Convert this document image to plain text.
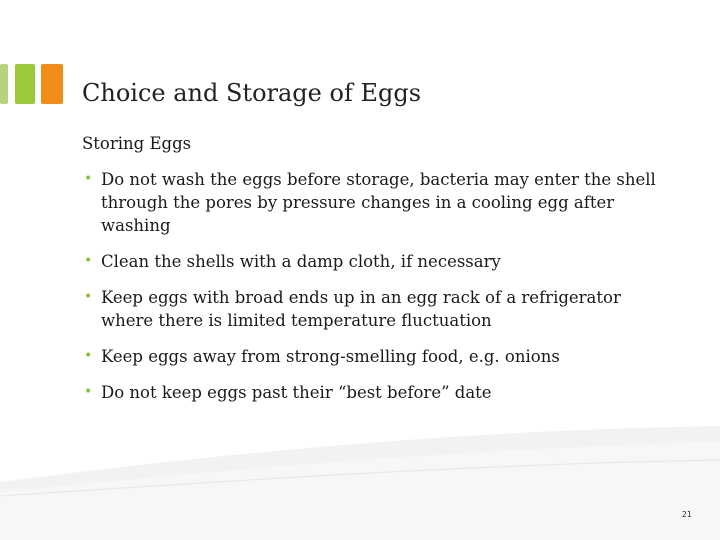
Choice and Storage of Eggs
Storing Eggs
• Do not wash the eggs before storage, bacteria may enter the shell through the pores by pressure changes in a cooling egg after washing
• Clean the shells with a damp cloth, if necessary
• Keep eggs with broad ends up in an egg rack of a refrigerator where there is limited temperature fluctuation
• Keep eggs away from strong-smelling food, e.g. onions
• Do not keep eggs past their “best before” date
21
